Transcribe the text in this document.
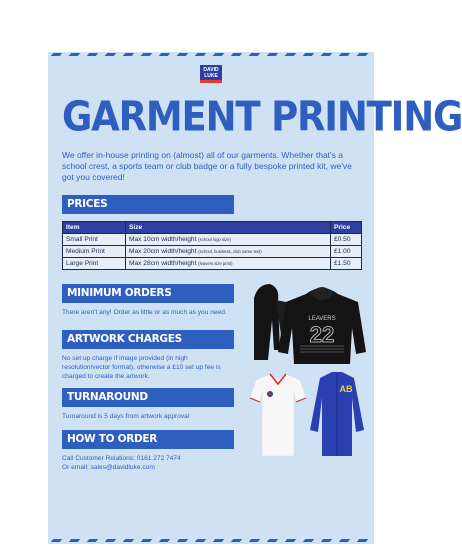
DAVID
LUKE
GARMENT PRINTING
We offer in-house printing on (almost) all of our garments. Whether that's a school crest, a sports team or club badge or a fully bespoke printed kit, we've got you covered!
PRICES
Item	Size	Price
Small Print	Max 10cm width/height (school logo size)	£0.50
Medium Print	Max 20cm width/height (school, business, club name text)	£1.00
Large Print	Max 28cm width/height (leavers size print)	£1.50
MINIMUM ORDERS
There aren't any! Order as little or as much as you need.
ARTWORK CHARGES
No set up charge if image provided (in high resolution/vector format), otherwise a £10 set up fee is charged to create the artwork.
TURNAROUND
Turnaround is 5 days from artwork approval
HOW TO ORDER
Call Customer Relations: 0161 272 7474
Or email: sales@davidluke.com
LEAVERS
22
AB
